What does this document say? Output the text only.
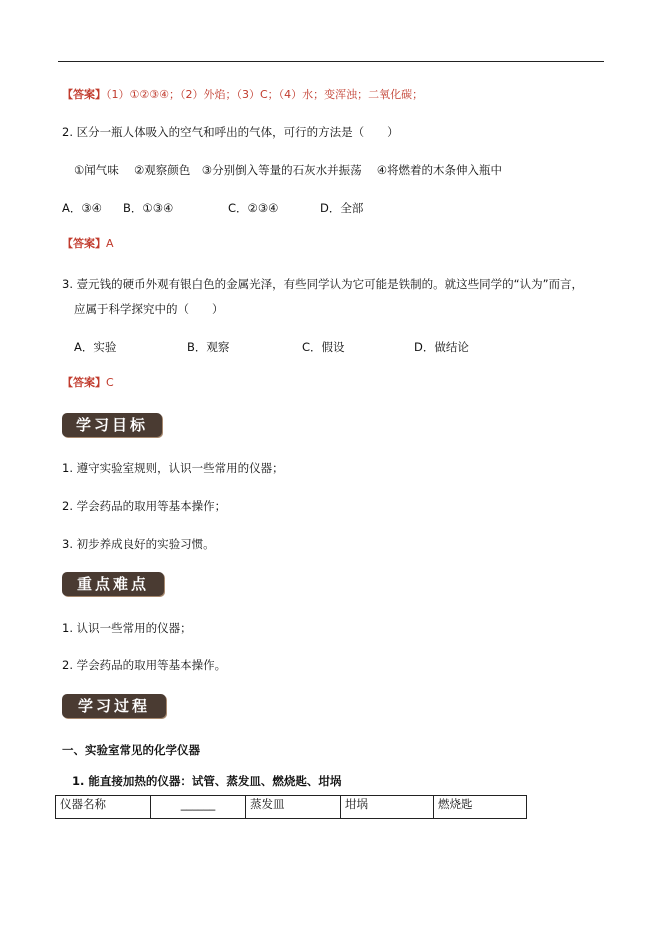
【答案】（1）①②③④；（2）外焰；（3）C；（4）水；变浑浊；二氧化碳；
2. 区分一瓶人体吸入的空气和呼出的气体，可行的方法是（　　）
①闻气味　 ②观察颜色　③分别倒入等量的石灰水并振荡　 ④将燃着的木条伸入瓶中
A．③④ B．①③④	C．②③④	D．全部
【答案】A
3. 壹元钱的硬币外观有银白色的金属光泽，有些同学认为它可能是铁制的。就这些同学的“认为”而言，
应属于科学探究中的（　　）
A．实验	B．观察	C．假设	D．做结论
【答案】C
学习目标
1. 遵守实验室规则，认识一些常用的仪器；
2. 学会药品的取用等基本操作；
3. 初步养成良好的实验习惯。
重点难点
1. 认识一些常用的仪器；
2. 学会药品的取用等基本操作。
学习过程
一、实验室常见的化学仪器
1. 能直接加热的仪器：试管、蒸发皿、燃烧匙、坩埚
仪器名称	______	蒸发皿	坩埚	燃烧匙
